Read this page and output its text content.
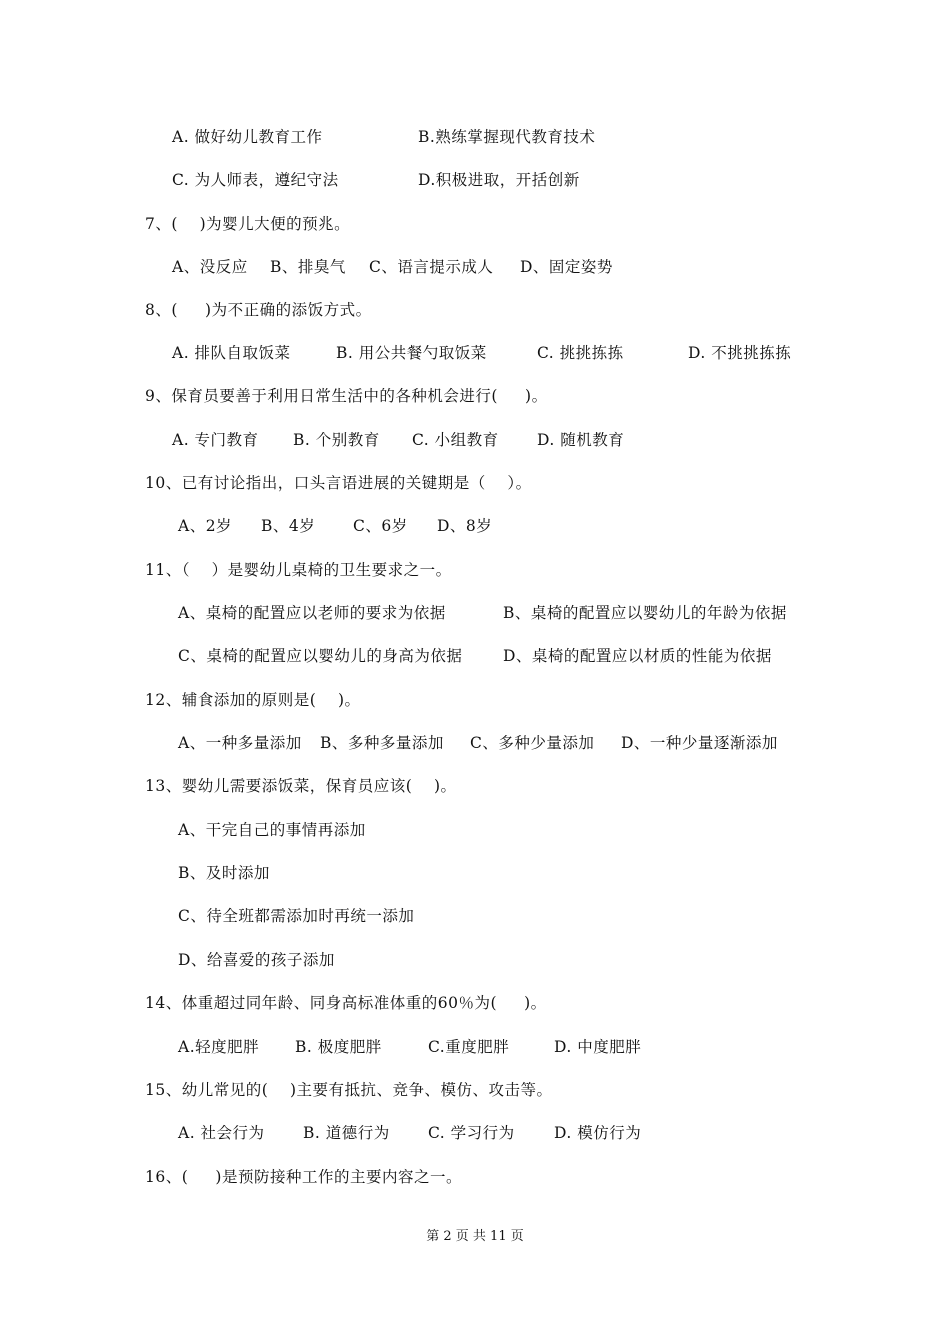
A. 做好幼儿教育工作	B.熟练掌握现代教育技术
C. 为人师表，遵纪守法	D.积极进取，开括创新
7、(    )为婴儿大便的预兆。
A、没反应 B、排臭气 C、语言提示成人 D、固定姿势
8、(     )为不正确的添饭方式。
A. 排队自取饭菜	B. 用公共餐勺取饭菜	C. 挑挑拣拣	D. 不挑挑拣拣
9、保育员要善于利用日常生活中的各种机会进行(     )。
A. 专门教育 B. 个别教育 C. 小组教育 D. 随机教育
10、已有讨论指出，口头言语进展的关键期是（    ）。
A、2岁 B、4岁 C、6岁 D、8岁
11、（    ）是婴幼儿桌椅的卫生要求之一。
A、桌椅的配置应以老师的要求为依据	B、桌椅的配置应以婴幼儿的年龄为依据
C、桌椅的配置应以婴幼儿的身高为依据	D、桌椅的配置应以材质的性能为依据
12、辅食添加的原则是(    )。
A、一种多量添加 B、多种多量添加 C、多种少量添加 D、一种少量逐渐添加
13、婴幼儿需要添饭菜，保育员应该(    )。
A、干完自己的事情再添加
B、及时添加
C、待全班都需添加时再统一添加
D、给喜爱的孩子添加
14、体重超过同年龄、同身高标准体重的60％为(     )。
A.轻度肥胖 B. 极度肥胖	C.重度肥胖	D. 中度肥胖
15、幼儿常见的(    )主要有抵抗、竞争、模仿、攻击等。
A. 社会行为 B. 道德行为 C. 学习行为	D. 模仿行为
16、(     )是预防接种工作的主要内容之一。
第 2 页 共 11 页
